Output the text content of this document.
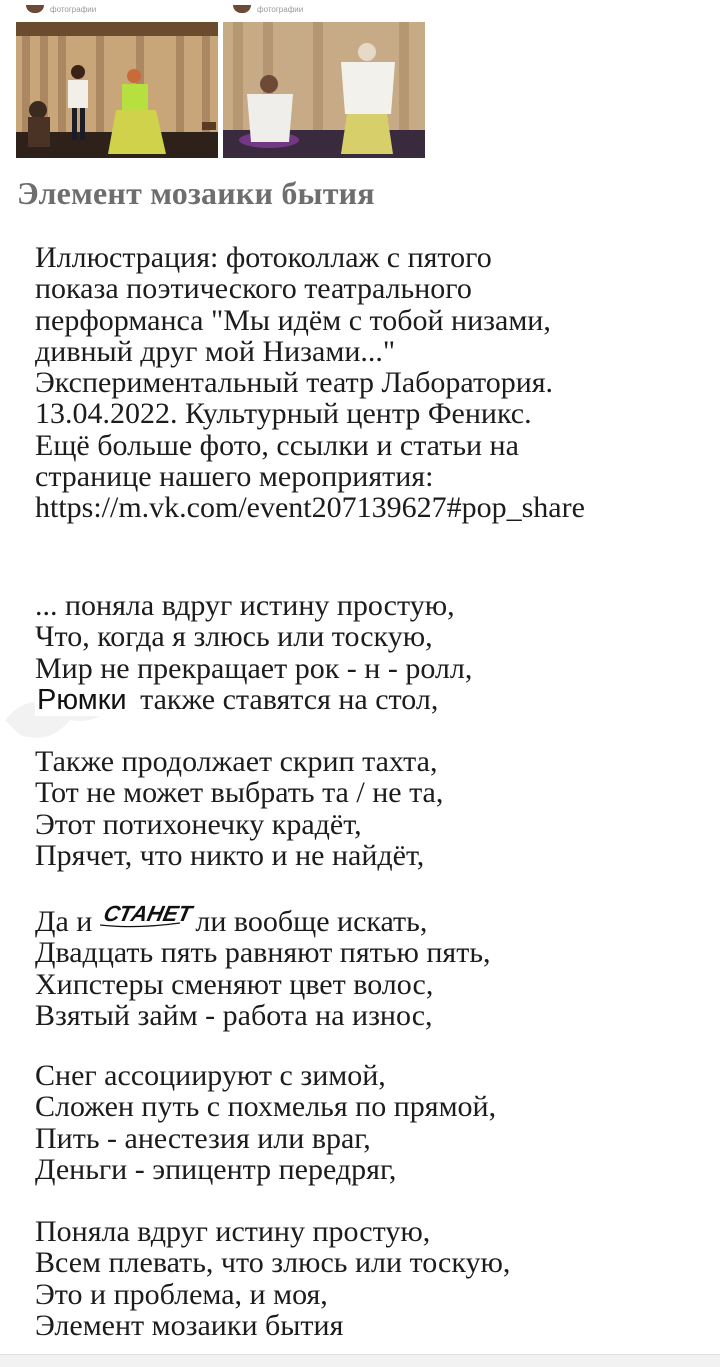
фотографии	фотографии
Элемент мозаики бытия

Иллюстрация: фотоколлаж с пятого

показа поэтического театрального

перформанса "Мы идём с тобой низами,

дивный друг мой Низами..."

Экспериментальный театр Лаборатория.

13.04.2022. Культурный центр Феникс.

Ещё больше фото, ссылки и статьи на

странице нашего мероприятия:

https://m.vk.com/event207139627#pop_share

... поняла вдруг истину простую,

Что, когда я злюсь или тоскую,

Мир не прекращает рок - н - ролл,

Рюмки также ставятся на стол,

Также продолжает скрип тахта,

Тот не может выбрать та / не та,

Этот потихонечку крадёт,

Прячет, что никто и не найдёт,

Да и СТАНЕТ
ли вообще искать,

Двадцать пять равняют пятью пять,

Хипстеры сменяют цвет волос,

Взятый займ - работа на износ,

Снег ассоциируют с зимой,

Сложен путь с похмелья по прямой,

Пить - анестезия или враг,

Деньги - эпицентр передряг,

Поняла вдруг истину простую,

Всем плевать, что злюсь или тоскую,

Это и проблема, и моя,

Элемент мозаики бытия
